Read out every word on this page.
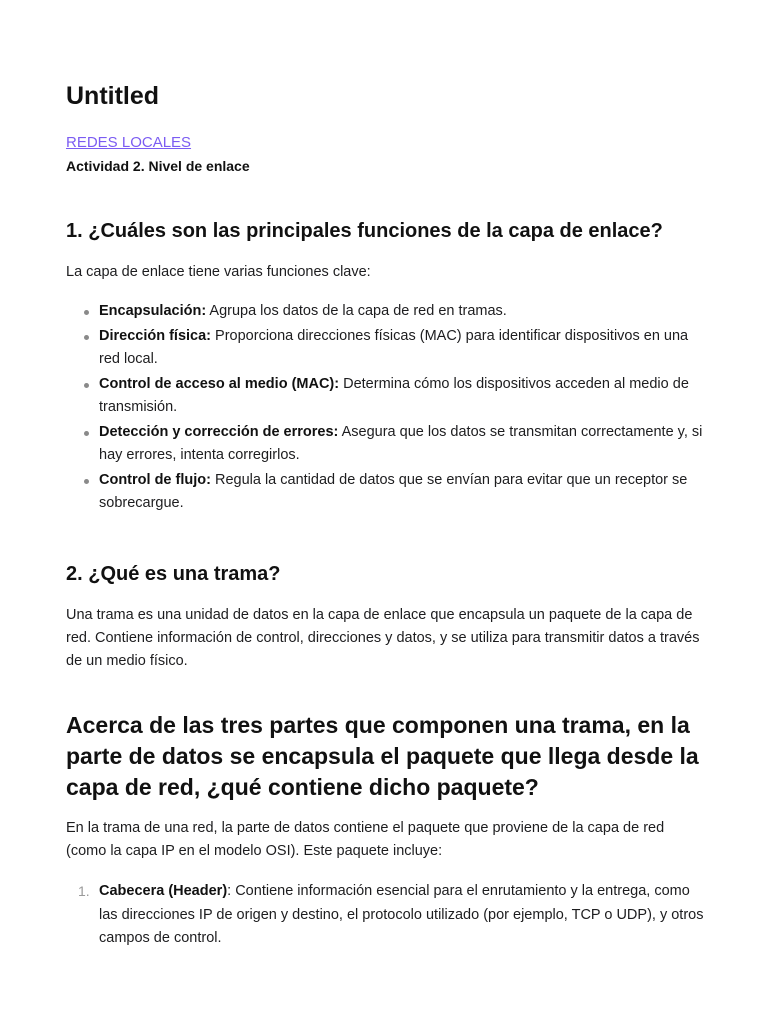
Untitled
REDES LOCALES
Actividad 2. Nivel de enlace
1. ¿Cuáles son las principales funciones de la capa de enlace?

La capa de enlace tiene varias funciones clave:

Encapsulación: Agrupa los datos de la capa de red en tramas.
Dirección física: Proporciona direcciones físicas (MAC) para identificar dispositivos en una red local.
Control de acceso al medio (MAC): Determina cómo los dispositivos acceden al medio de transmisión.
Detección y corrección de errores: Asegura que los datos se transmitan correctamente y, si hay errores, intenta corregirlos.
Control de flujo: Regula la cantidad de datos que se envían para evitar que un receptor se sobrecargue.
2. ¿Qué es una trama?

Una trama es una unidad de datos en la capa de enlace que encapsula un paquete de la capa de red. Contiene información de control, direcciones y datos, y se utiliza para transmitir datos a través de un medio físico.

Acerca de las tres partes que componen una trama, en la parte de datos se encapsula el paquete que llega desde la capa de red, ¿qué contiene dicho paquete?

En la trama de una red, la parte de datos contiene el paquete que proviene de la capa de red (como la capa IP en el modelo OSI). Este paquete incluye:

1. Cabecera (Header): Contiene información esencial para el enrutamiento y la entrega, como las direcciones IP de origen y destino, el protocolo utilizado (por ejemplo, TCP o UDP), y otros campos de control.
